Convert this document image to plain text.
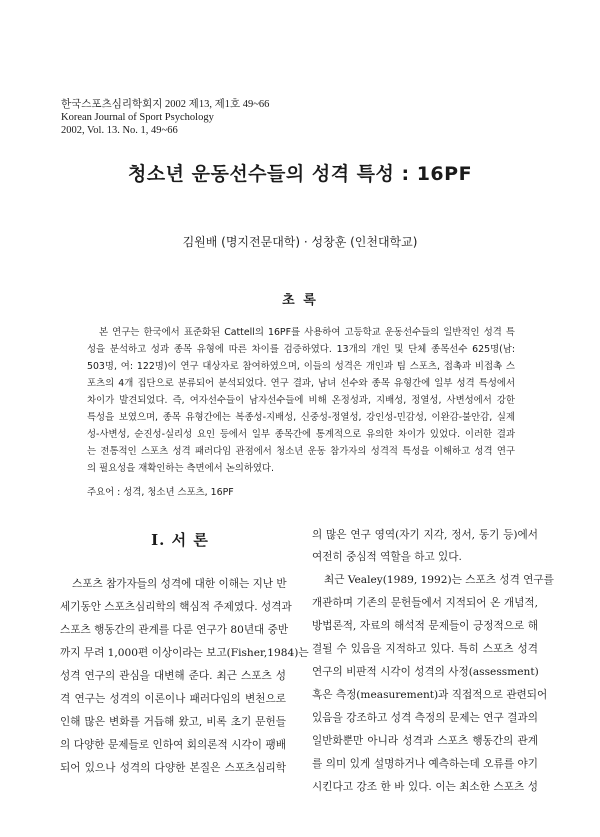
한국스포츠심리학회지 2002 제13, 제1호 49~66
Korean Journal of Sport Psychology
2002, Vol. 13. No. 1, 49~66
청소년 운동선수들의 성격 특성 : 16PF
김원배 (명지전문대학) · 성창훈 (인천대학교)
초 록
본 연구는 한국에서 표준화된 Cattell의 16PF를 사용하여 고등학교 운동선수들의 일반적인 성격 특
성을 분석하고 성과 종목 유형에 따른 차이를 검증하였다. 13개의 개인 및 단체 종목선수 625명(남:
503명, 여: 122명)이 연구 대상자로 참여하였으며, 이들의 성격은 개인과 팀 스포츠, 접촉과 비접촉 스
포츠의 4개 집단으로 분류되어 분석되었다. 연구 결과, 남녀 선수와 종목 유형간에 일부 성격 특성에서
차이가 발견되었다. 즉, 여자선수들이 남자선수들에 비해 온정성과, 지배성, 정열성, 사변성에서 강한
특성을 보였으며, 종목 유형간에는 복종성-지배성, 신중성-정열성, 강인성-민감성, 이완감-불안감, 실제
성-사변성, 순진성-실리성 요인 등에서 일부 종목간에 통계적으로 유의한 차이가 있었다. 이러한 결과
는 전통적인 스포츠 성격 패러다임 관점에서 청소년 운동 참가자의 성격적 특성을 이해하고 성격 연구
의 필요성을 재확인하는 측면에서 논의하였다.
주요어 : 성격, 청소년 스포츠, 16PF
Ⅰ. 서 론
스포츠 참가자들의 성격에 대한 이해는 지난 반
세기동안 스포츠심리학의 핵심적 주제였다. 성격과
스포츠 행동간의 관계를 다룬 연구가 80년대 중반
까지 무려 1,000편 이상이라는 보고(Fisher,1984)는
성격 연구의 관심을 대변해 준다. 최근 스포츠 성
격 연구는 성격의 이론이나 패러다임의 변천으로
인해 많은 변화를 거듭해 왔고, 비록 초기 문헌들
의 다양한 문제들로 인하여 회의론적 시각이 팽배
되어 있으나 성격의 다양한 본질은 스포츠심리학
의 많은 연구 영역(자기 지각, 정서, 동기 등)에서
여전히 중심적 역할을 하고 있다.
최근 Vealey(1989, 1992)는 스포츠 성격 연구를
개관하며 기존의 문헌들에서 지적되어 온 개념적,
방법론적, 자료의 해석적 문제들이 긍정적으로 해
결될 수 있음을 지적하고 있다. 특히 스포츠 성격
연구의 비판적 시각이 성격의 사정(assessment)
혹은 측정(measurement)과 직접적으로 관련되어
있음을 강조하고 성격 측정의 문제는 연구 결과의
일반화뿐만 아니라 성격과 스포츠 행동간의 관계
를 의미 있게 설명하거나 예측하는데 오류를 야기
시킨다고 강조 한 바 있다. 이는 최소한 스포츠 성
